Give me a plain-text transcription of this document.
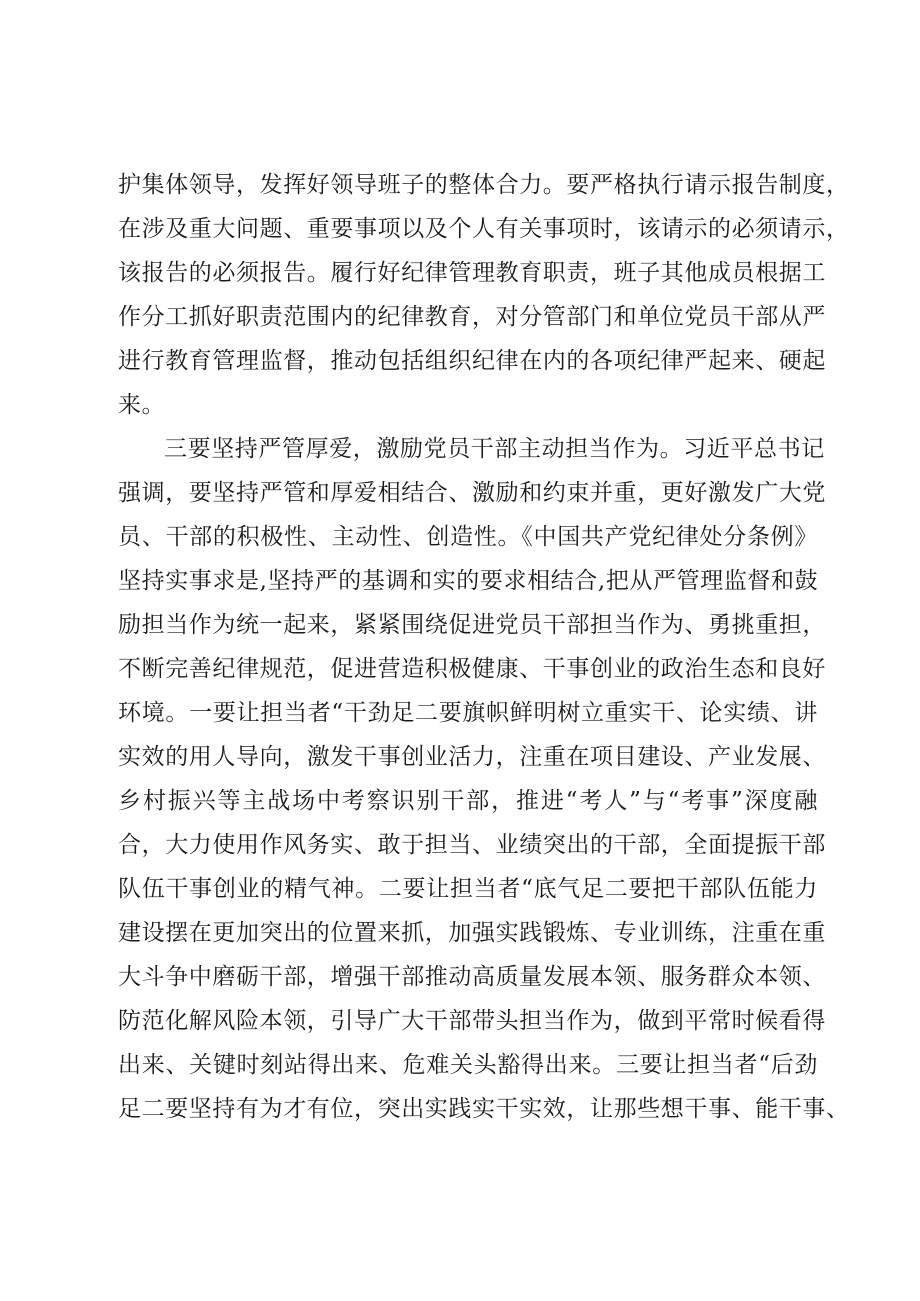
护集体领导，发挥好领导班子的整体合力。要严格执行请示报告制度，
在涉及重大问题、重要事项以及个人有关事项时，该请示的必须请示，
该报告的必须报告。履行好纪律管理教育职责，班子其他成员根据工
作分工抓好职责范围内的纪律教育，对分管部门和单位党员干部从严
进行教育管理监督，推动包括组织纪律在内的各项纪律严起来、硬起
来。
三要坚持严管厚爱，激励党员干部主动担当作为。习近平总书记
强调，要坚持严管和厚爱相结合、激励和约束并重，更好激发广大党
员、干部的积极性、主动性、创造性。《中国共产党纪律处分条例》
坚持实事求是,坚持严的基调和实的要求相结合,把从严管理监督和鼓
励担当作为统一起来，紧紧围绕促进党员干部担当作为、勇挑重担，
不断完善纪律规范，促进营造积极健康、干事创业的政治生态和良好
环境。一要让担当者“干劲足二要旗帜鲜明树立重实干、论实绩、讲
实效的用人导向，激发干事创业活力，注重在项目建设、产业发展、
乡村振兴等主战场中考察识别干部，推进“考人”与“考事”深度融
合，大力使用作风务实、敢于担当、业绩突出的干部，全面提振干部
队伍干事创业的精气神。二要让担当者“底气足二要把干部队伍能力
建设摆在更加突出的位置来抓，加强实践锻炼、专业训练，注重在重
大斗争中磨砺干部，增强干部推动高质量发展本领、服务群众本领、
防范化解风险本领，引导广大干部带头担当作为，做到平常时候看得
出来、关键时刻站得出来、危难关头豁得出来。三要让担当者“后劲
足二要坚持有为才有位，突出实践实干实效，让那些想干事、能干事、
